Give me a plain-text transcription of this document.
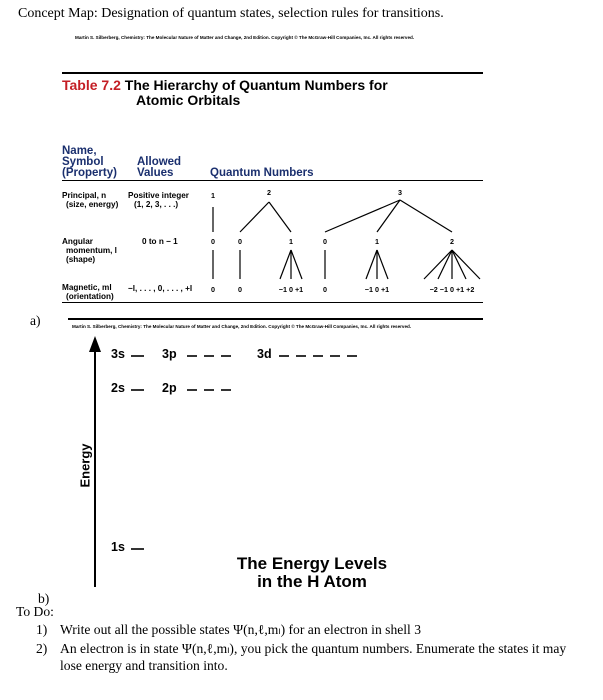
Concept Map: Designation of quantum states, selection rules for transitions.
Martin S. Silberberg, Chemistry: The Molecular Nature of Matter and Change, 2nd Edition. Copyright © The McGraw-Hill Companies, Inc. All rights reserved.
Table 7.2 The Hierarchy of Quantum Numbers for
Atomic Orbitals
Name,
Symbol
(Property)
Allowed
Values	Quantum Numbers
Principal, n
(size, energy)
Positive integer
(1, 2, 3, . . .)
1	2	3
Angular
momentum, l
(shape)
0 to n − 1	0	0	1	0	1	2
Magnetic, ml
(orientation)
−l, . . . , 0, . . . , +l	0	0	−1 0 +1	0	−1 0 +1	−2 −1 0 +1 +2
a)	Martin S. Silberberg, Chemistry: The Molecular Nature of Matter and Change, 2nd Edition. Copyright © The McGraw-Hill Companies, Inc. All rights reserved.
3s	3p	3d
2s	2p
1s
Energy
The Energy Levels
in the H Atom
b)
To Do:
1) Write out all the possible states Ψ(n,ℓ,mₗ) for an electron in shell 3
2) An electron is in state Ψ(n,ℓ,mₗ), you pick the quantum numbers. Enumerate the states it may lose energy and transition into.
